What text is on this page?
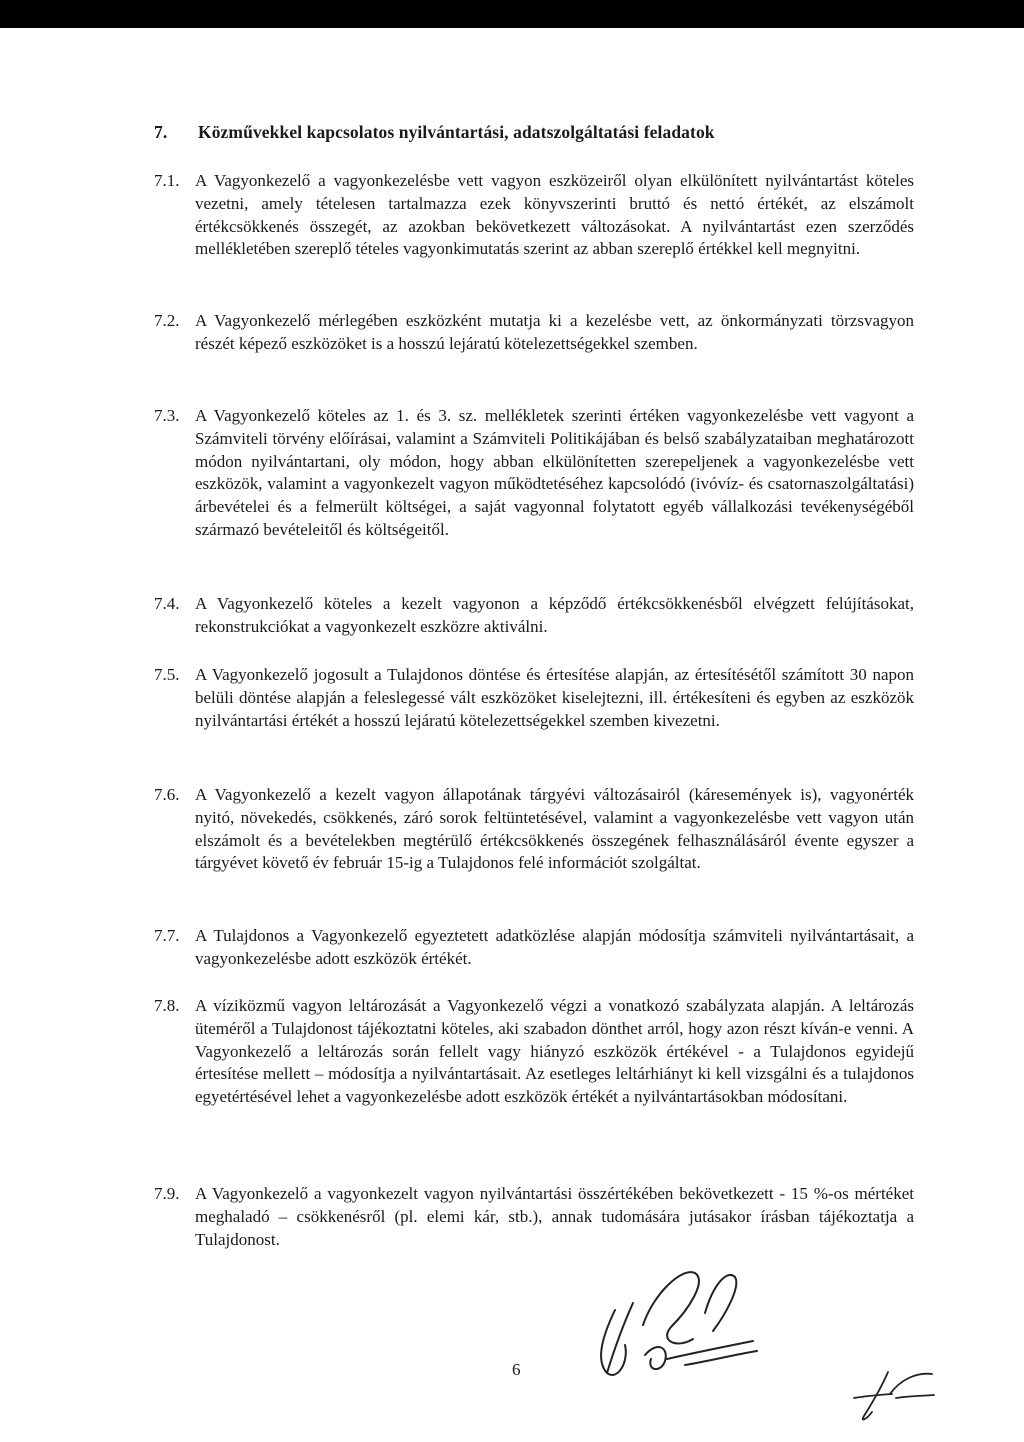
7. Közművekkel kapcsolatos nyilvántartási, adatszolgáltatási feladatok
7.1. A Vagyonkezelő a vagyonkezelésbe vett vagyon eszközeiről olyan elkülönített nyilvántartást köteles vezetni, amely tételesen tartalmazza ezek könyvszerinti bruttó és nettó értékét, az elszámolt értékcsökkenés összegét, az azokban bekövetkezett változásokat. A nyilvántartást ezen szerződés mellékletében szereplő tételes vagyonkimutatás szerint az abban szereplő értékkel kell megnyitni.
7.2. A Vagyonkezelő mérlegében eszközként mutatja ki a kezelésbe vett, az önkormányzati törzsvagyon részét képező eszközöket is a hosszú lejáratú kötelezettségekkel szemben.
7.3. A Vagyonkezelő köteles az 1. és 3. sz. mellékletek szerinti értéken vagyonkezelésbe vett vagyont a Számviteli törvény előírásai, valamint a Számviteli Politikájában és belső szabályzataiban meghatározott módon nyilvántartani, oly módon, hogy abban elkülönítetten szerepeljenek a vagyonkezelésbe vett eszközök, valamint a vagyonkezelt vagyon működtetéséhez kapcsolódó (ivóvíz- és csatornaszolgáltatási) árbevételei és a felmerült költségei, a saját vagyonnal folytatott egyéb vállalkozási tevékenységéből származó bevételeitől és költségeitől.
7.4. A Vagyonkezelő köteles a kezelt vagyonon a képződő értékcsökkenésből elvégzett felújításokat, rekonstrukciókat a vagyonkezelt eszközre aktiválni.
7.5. A Vagyonkezelő jogosult a Tulajdonos döntése és értesítése alapján, az értesítésétől számított 30 napon belüli döntése alapján a feleslegessé vált eszközöket kiselejtezni, ill. értékesíteni és egyben az eszközök nyilvántartási értékét a hosszú lejáratú kötelezettségekkel szemben kivezetni.
7.6. A Vagyonkezelő a kezelt vagyon állapotának tárgyévi változásairól (káresemények is), vagyonérték nyitó, növekedés, csökkenés, záró sorok feltüntetésével, valamint a vagyonkezelésbe vett vagyon után elszámolt és a bevételekben megtérülő értékcsökkenés összegének felhasználásáról évente egyszer a tárgyévet követő év február 15-ig a Tulajdonos felé információt szolgáltat.
7.7. A Tulajdonos a Vagyonkezelő egyeztetett adatközlése alapján módosítja számviteli nyilvántartásait, a vagyonkezelésbe adott eszközök értékét.
7.8. A víziközmű vagyon leltározását a Vagyonkezelő végzi a vonatkozó szabályzata alapján. A leltározás üteméről a Tulajdonost tájékoztatni köteles, aki szabadon dönthet arról, hogy azon részt kíván-e venni. A Vagyonkezelő a leltározás során fellelt vagy hiányzó eszközök értékével - a Tulajdonos egyidejű értesítése mellett – módosítja a nyilvántartásait. Az esetleges leltárhiányt ki kell vizsgálni és a tulajdonos egyetértésével lehet a vagyonkezelésbe adott eszközök értékét a nyilvántartásokban módosítani.
7.9. A Vagyonkezelő a vagyonkezelt vagyon nyilvántartási összértékében bekövetkezett - 15 %-os mértéket meghaladó – csökkenésről (pl. elemi kár, stb.), annak tudomására jutásakor írásban tájékoztatja a Tulajdonost.
6
